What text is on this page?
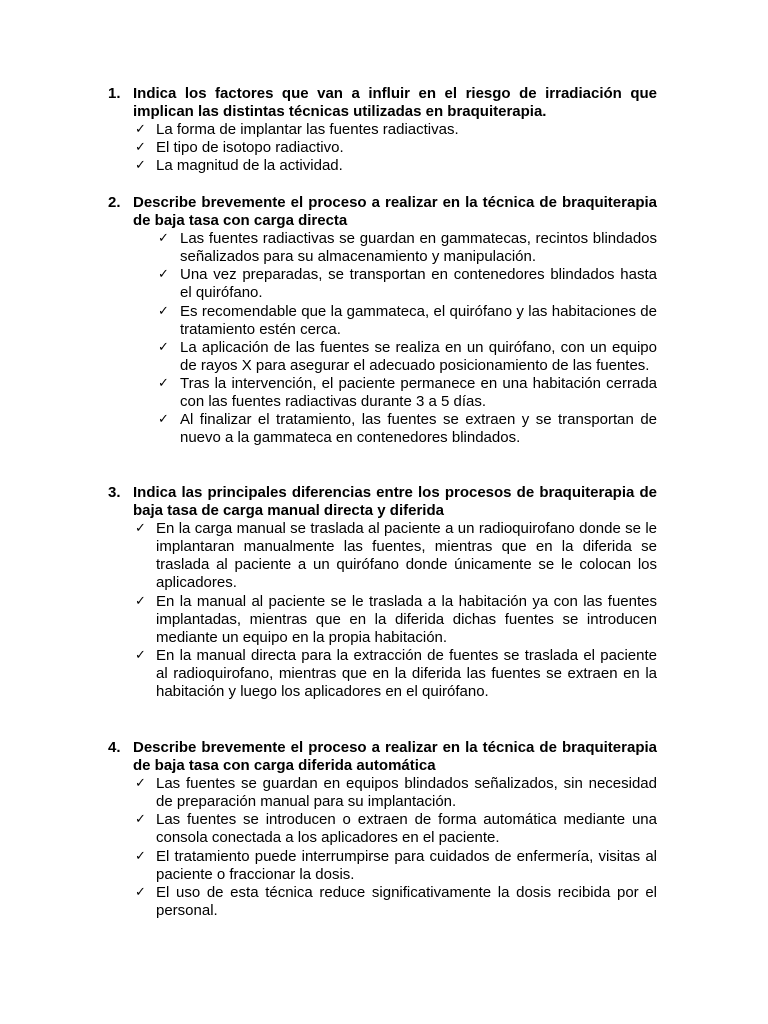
1. Indica los factores que van a influir en el riesgo de irradiación que implican las distintas técnicas utilizadas en braquiterapia.
✓ La forma de implantar las fuentes radiactivas.
✓ El tipo de isotopo radiactivo.
✓ La magnitud de la actividad.
2. Describe brevemente el proceso a realizar en la técnica de braquiterapia de baja tasa con carga directa
✓ Las fuentes radiactivas se guardan en gammatecas, recintos blindados señalizados para su almacenamiento y manipulación.
✓ Una vez preparadas, se transportan en contenedores blindados hasta el quirófano.
✓ Es recomendable que la gammateca, el quirófano y las habitaciones de tratamiento estén cerca.
✓ La aplicación de las fuentes se realiza en un quirófano, con un equipo de rayos X para asegurar el adecuado posicionamiento de las fuentes.
✓ Tras la intervención, el paciente permanece en una habitación cerrada con las fuentes radiactivas durante 3 a 5 días.
✓ Al finalizar el tratamiento, las fuentes se extraen y se transportan de nuevo a la gammateca en contenedores blindados.
3. Indica las principales diferencias entre los procesos de braquiterapia de baja tasa de carga manual directa y diferida
✓ En la carga manual se traslada al paciente a un radioquirofano donde se le implantaran manualmente las fuentes, mientras que en la diferida se traslada al paciente a un quirófano donde únicamente se le colocan los aplicadores.
✓ En la manual al paciente se le traslada a la habitación ya con las fuentes implantadas, mientras que en la diferida dichas fuentes se introducen mediante un equipo en la propia habitación.
✓ En la manual directa para la extracción de fuentes se traslada el paciente al radioquirofano, mientras que en la diferida las fuentes se extraen en la habitación y luego los aplicadores en el quirófano.
4. Describe brevemente el proceso a realizar en la técnica de braquiterapia de baja tasa con carga diferida automática
✓ Las fuentes se guardan en equipos blindados señalizados, sin necesidad de preparación manual para su implantación.
✓ Las fuentes se introducen o extraen de forma automática mediante una consola conectada a los aplicadores en el paciente.
✓ El tratamiento puede interrumpirse para cuidados de enfermería, visitas al paciente o fraccionar la dosis.
✓ El uso de esta técnica reduce significativamente la dosis recibida por el personal.
